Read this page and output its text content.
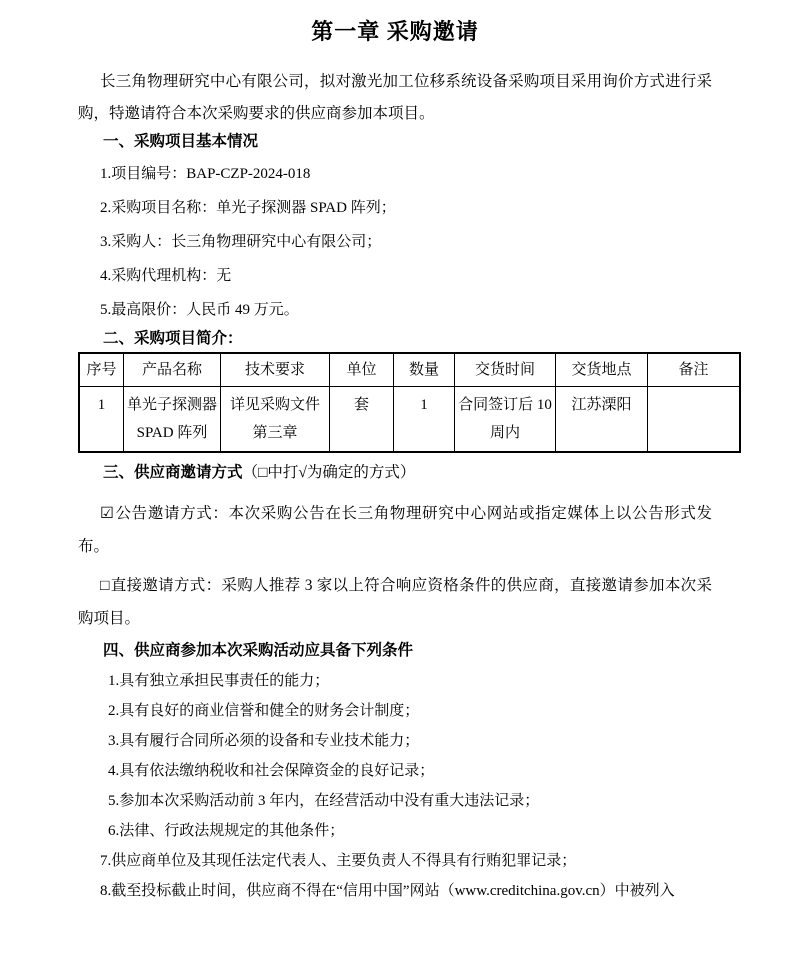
第一章 采购邀请

长三角物理研究中心有限公司，拟对激光加工位移系统设备采购项目采用询价方式进行采购，特邀请符合本次采购要求的供应商参加本项目。

一、采购项目基本情况
1.项目编号：BAP-CZP-2024-018
2.采购项目名称：单光子探测器 SPAD 阵列；
3.采购人：长三角物理研究中心有限公司；
4.采购代理机构：无
5.最高限价：人民币 49 万元。
二、采购项目简介：
序号	产品名称	技术要求	单位	数量	交货时间	交货地点	备注
1	单光子探测器 SPAD 阵列	详见采购文件第三章	套	1	合同签订后 10 周内	江苏溧阳	
三、供应商邀请方式（□中打√为确定的方式）

☑公告邀请方式：本次采购公告在长三角物理研究中心网站或指定媒体上以公告形式发布。

□直接邀请方式：采购人推荐 3 家以上符合响应资格条件的供应商，直接邀请参加本次采购项目。

四、供应商参加本次采购活动应具备下列条件
1.具有独立承担民事责任的能力；
2.具有良好的商业信誉和健全的财务会计制度；
3.具有履行合同所必须的设备和专业技术能力；
4.具有依法缴纳税收和社会保障资金的良好记录；
5.参加本次采购活动前 3 年内，在经营活动中没有重大违法记录；
6.法律、行政法规规定的其他条件；
7.供应商单位及其现任法定代表人、主要负责人不得具有行贿犯罪记录；
8.截至投标截止时间，供应商不得在“信用中国”网站（www.creditchina.gov.cn）中被列入
